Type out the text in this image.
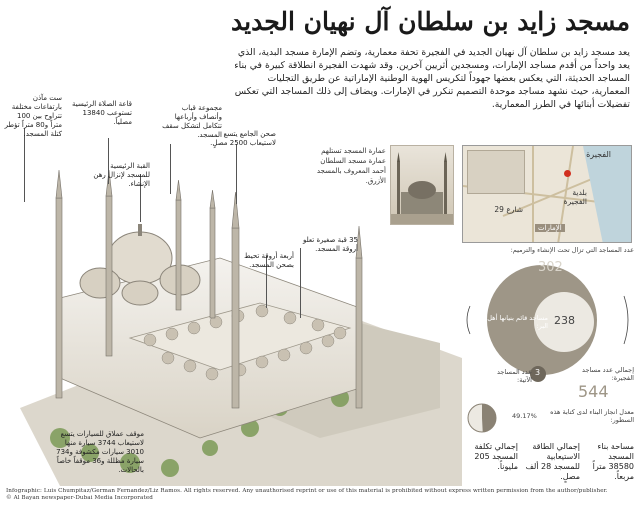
مسجد زايد بن سلطان آل نهيان الجديد
يعد مسجد زايد بن سلطان آل نهيان الجديد في الفجيرة تحفة معمارية، وتضم الإمارة مسجد البدية، الذي يعد واحداً من أقدم مساجد الإمارات، ومسجدين أثريين آخرين. وقد شهدت الفجيرة انطلاقة كبيرة في بناء المساجد الحديثة، التي يعكس بعضها جهوداً لتكريس الهوية الوطنية الإماراتية عن طريق التجليات المعمارية، حيث نشهد مساجد موحدة التصميم تنكرر في الإمارات. ويضاف إلى ذلك المساجد التي تعكس تفضيلات أبنائها في الطرز المعمارية.
عمارة المسجد تستلهم عمارة مسجد السلطان أحمد المعروف بالمسجد الأزرق.
الفجيرة
بلدية الفجيرة
شارع 29
الإمارات
ست مآذن بارتفاعات مختلفة تتراوح بين 100 متراً و80 متراً تؤطر كتلة المسجد.
قاعة الصلاة الرئيسية تستوعب 13840 مصلياً.
مجموعة قباب وأنصاف وأرباعها تتكامل لتشكل سقف المسجد.
القبة الرئيسية للمسجد لإنزال رهن الإنشاء.
صحن الجامع يتسع لاستيعاب 2500 مصلٍ.
35 قبة صغيرة تعلو أروقة المسجد.
أربعة أروقة تحيط بصحن المسجد.
موقف عملاق للسيارات يتسع لاستيعاب 3744 سيارة منها 3010 سيارات مكشوفة و734 سيارة مظللة و36 موقفاً خاصاً بالحالات.
عدد المساجد التي تزال تحت الإنشاء والترميم:
302
مساجد قائم بنيانها أهل البر: 238
عدد المساجد الآتية:
3	إجمالي عدد مساجد الفجيرة:
544
49.17%	معدل انجاز البناء لدى كتابة هذه السطور:
مساحة بناء المسجد 38580 متراً مربعاً.
إجمالي الطاقة الاستيعابية للمسجد 28 ألف مصلٍ.
إجمالي تكلفة المسجد 205 مليوناً.
Infographic: Luis Chumpitaz/German Fernandez/Liz Ramos. All rights reserved. Any unauthorised reprint or use of this material is prohibited without express written permission from the author/publisher.
© Al Bayan newspaper-Dubai Media Incorporated
